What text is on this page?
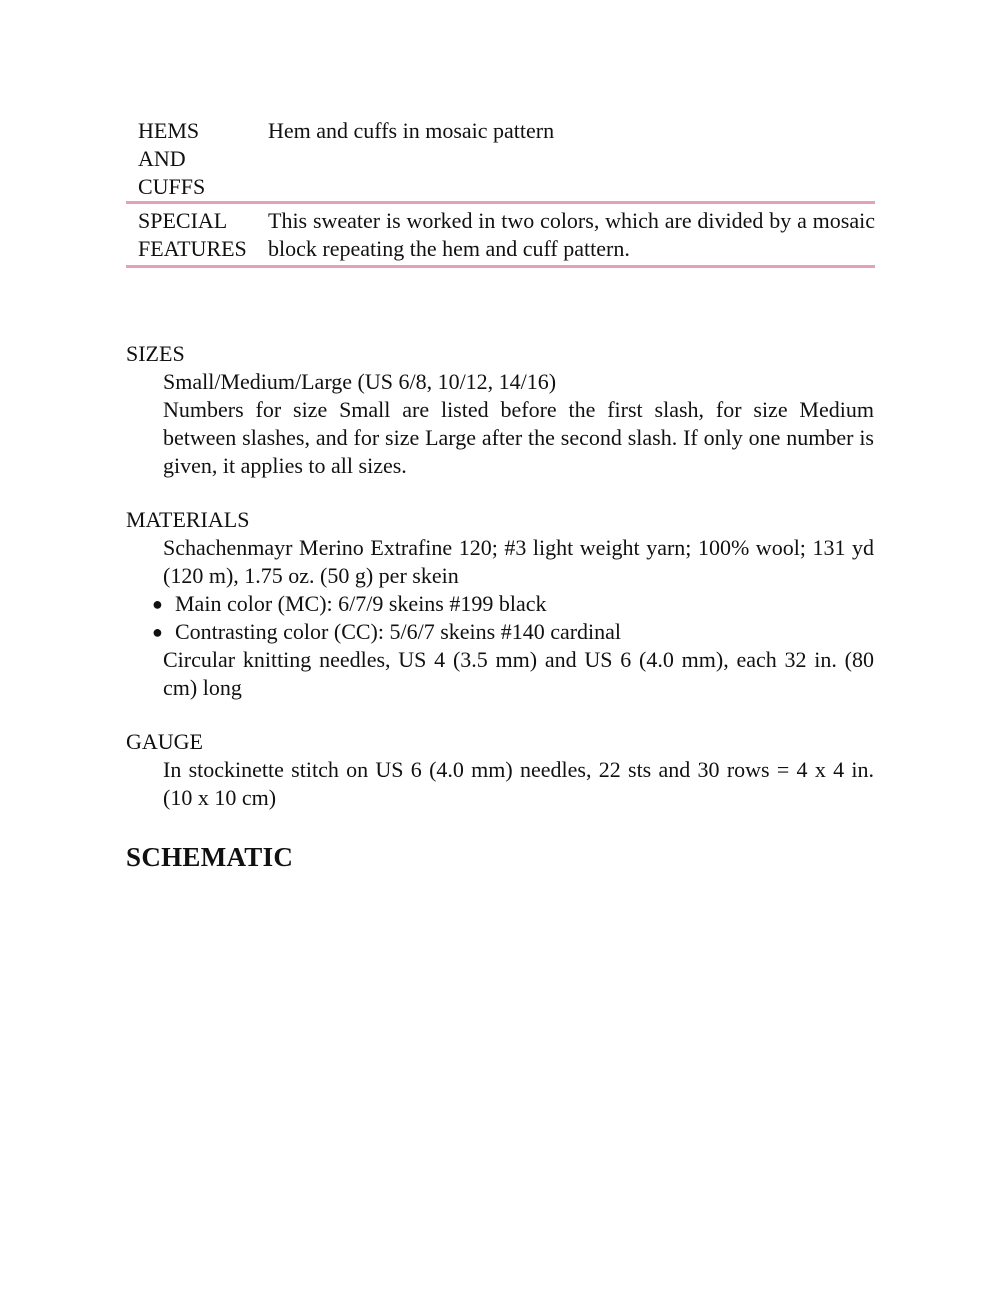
HEMS
AND
CUFFS
Hem and cuffs in mosaic pattern
SPECIAL
FEATURES
This sweater is worked in two colors, which are divided by a mosaic block repeating the hem and cuff pattern.
SIZES

Small/Medium/Large (US 6/8, 10/12, 14/16)

Numbers for size Small are listed before the first slash, for size Medium between slashes, and for size Large after the second slash. If only one number is given, it applies to all sizes.

MATERIALS

Schachenmayr Merino Extrafine 120; #3 light weight yarn; 100% wool; 131 yd (120 m), 1.75 oz. (50 g) per skein

● Main color (MC): 6/7/9 skeins #199 black
● Contrasting color (CC): 5/6/7 skeins #140 cardinal

Circular knitting needles, US 4 (3.5 mm) and US 6 (4.0 mm), each 32 in. (80 cm) long

GAUGE

In stockinette stitch on US 6 (4.0 mm) needles, 22 sts and 30 rows = 4 x 4 in. (10 x 10 cm)

SCHEMATIC
